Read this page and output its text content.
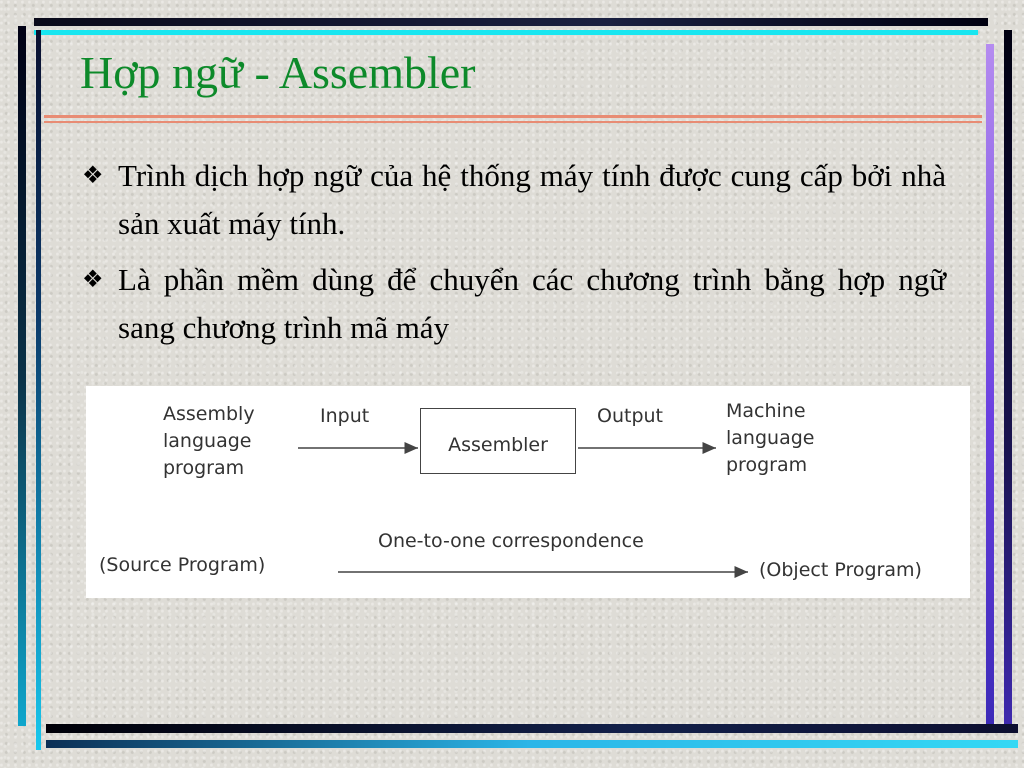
Hợp ngữ - Assembler
❖ Trình dịch hợp ngữ của hệ thống máy tính được cung cấp bởi nhà sản xuất máy tính.
❖ Là phần mềm dùng để chuyển các chương trình bằng hợp ngữ sang chương trình mã máy

Assembly
language
program

Input

Assembler

Output	Machine
language
program

One-to-one correspondence

(Source Program)	(Object Program)
